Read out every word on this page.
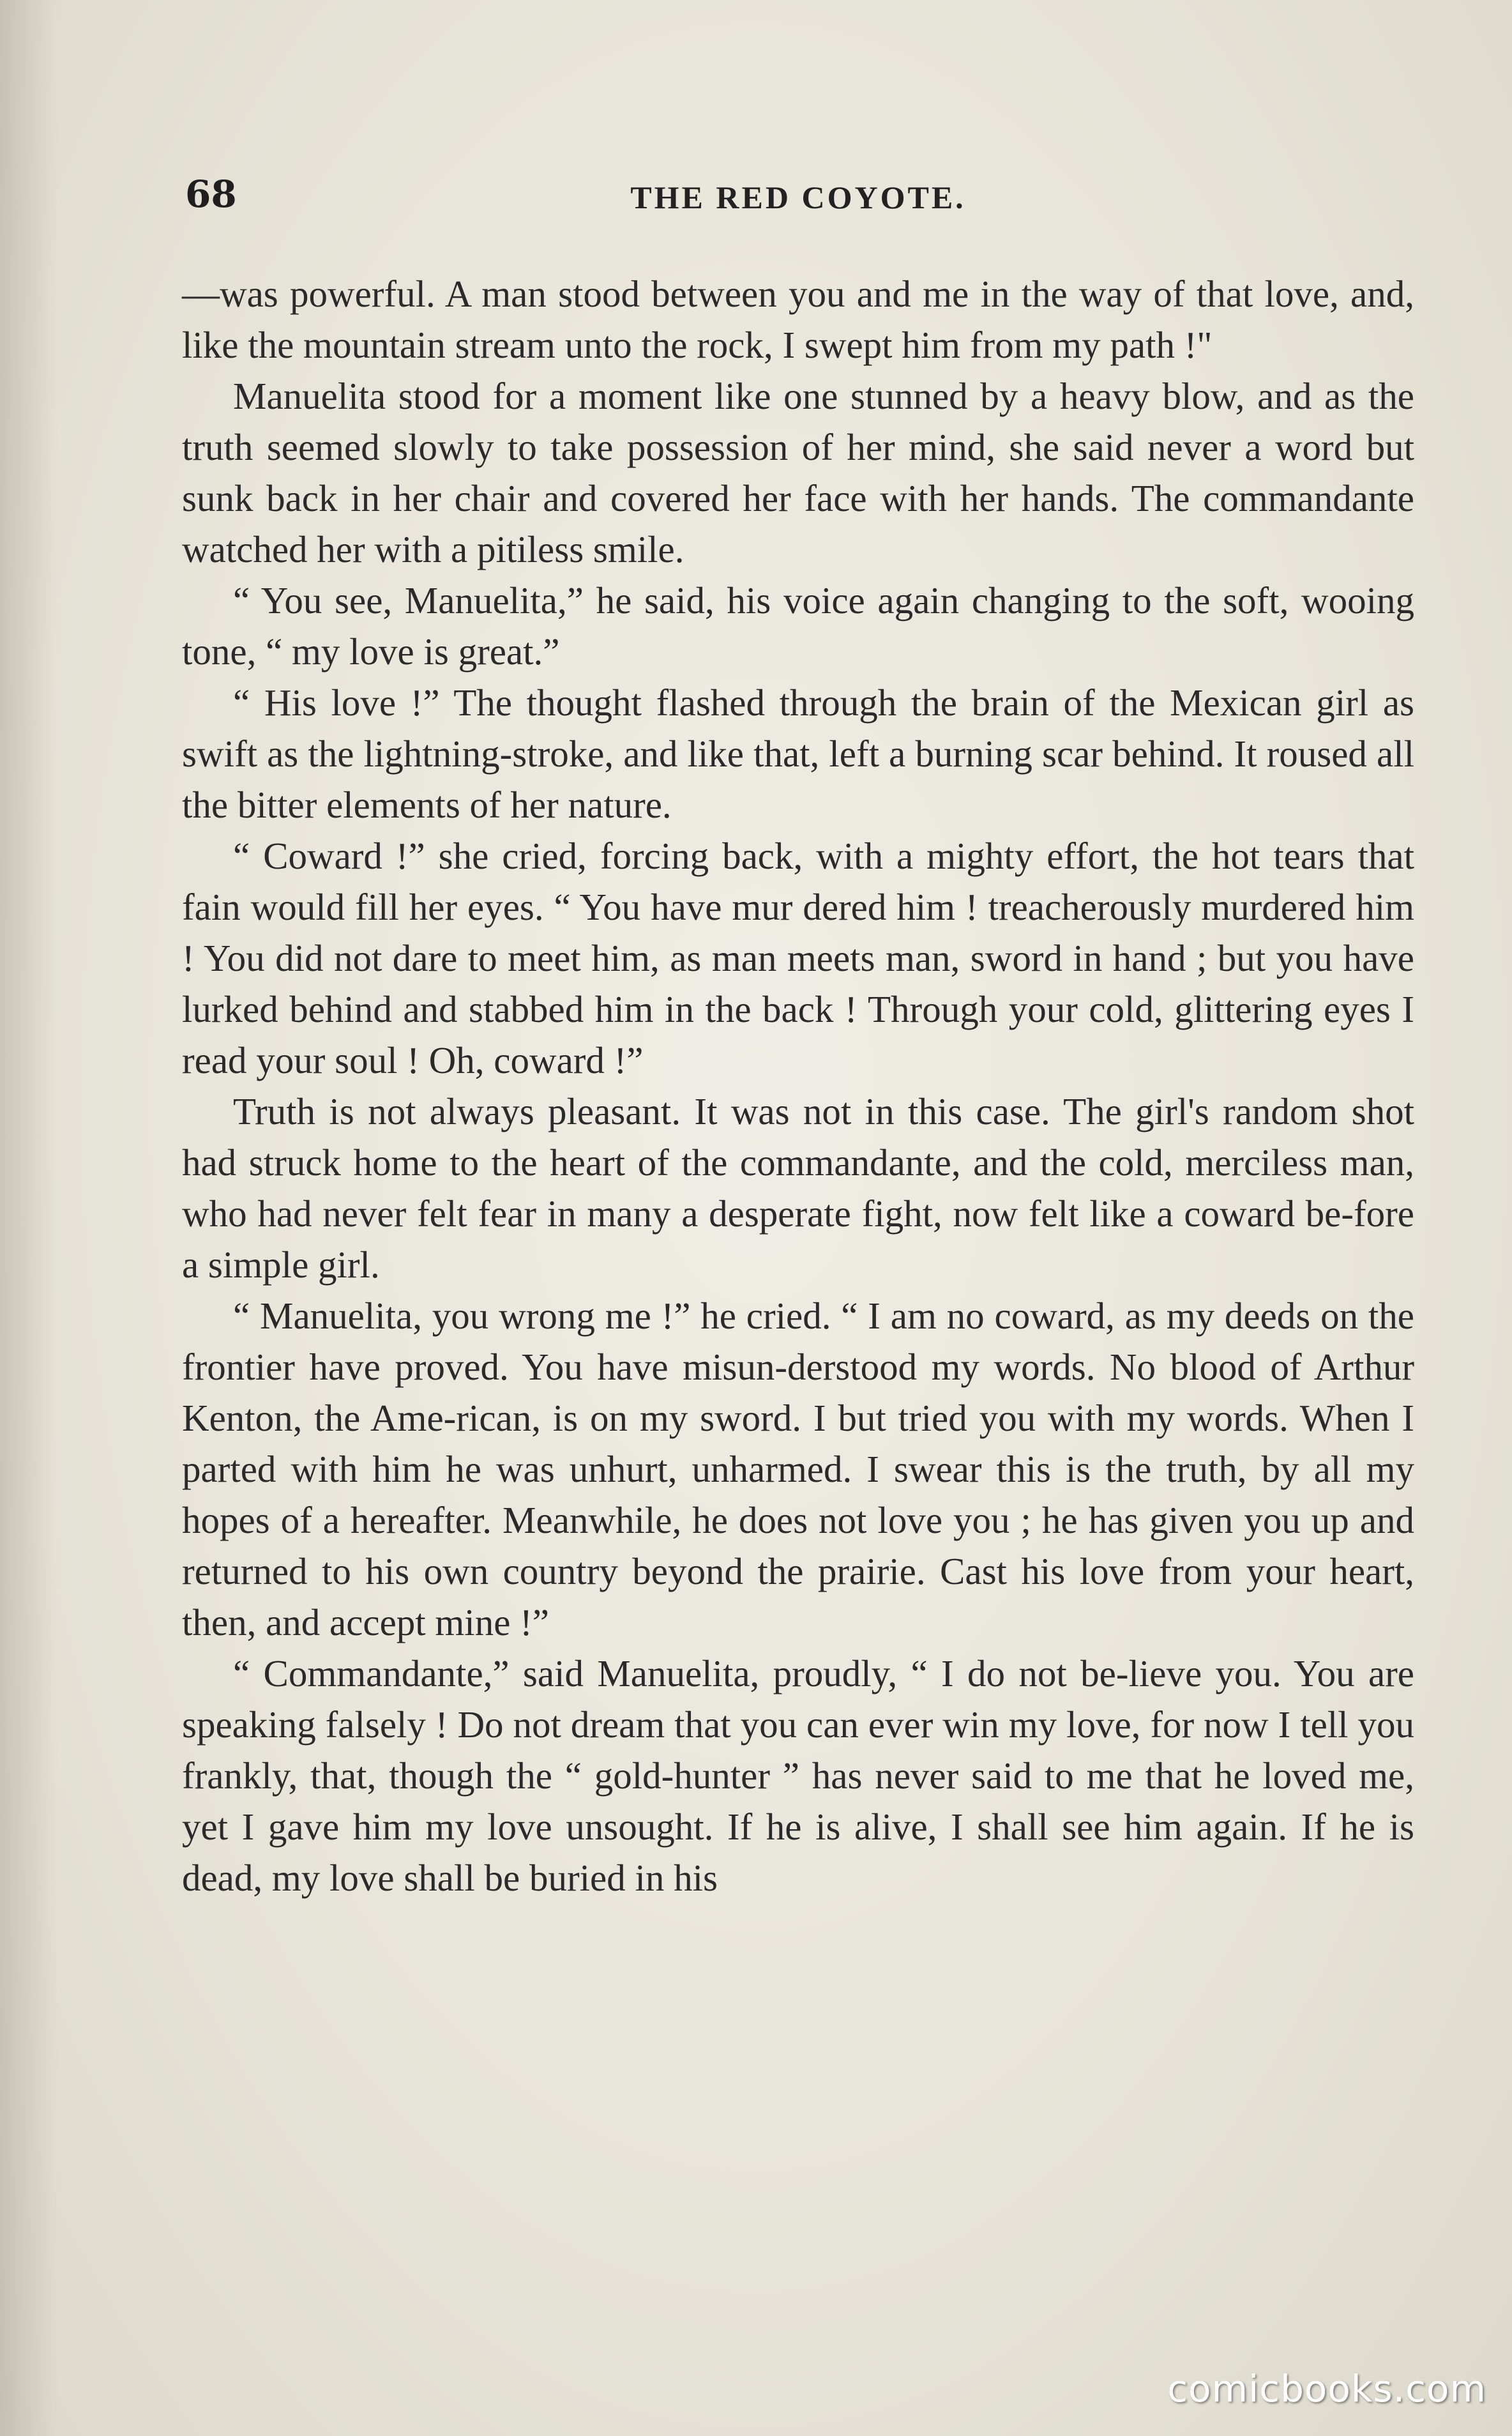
68	THE RED COYOTE.

—was powerful. A man stood between you and me in the way of that love, and, like the mountain stream unto the rock, I swept him from my path !"

Manuelita stood for a moment like one stunned by a heavy blow, and as the truth seemed slowly to take possession of her mind, she said never a word but sunk back in her chair and covered her face with her hands. The commandante watched her with a pitiless smile.

“ You see, Manuelita,” he said, his voice again changing to the soft, wooing tone, “ my love is great.”

“ His love !” The thought flashed through the brain of the Mexican girl as swift as the lightning-stroke, and like that, left a burning scar behind. It roused all the bitter elements of her nature.

“ Coward !” she cried, forcing back, with a mighty effort, the hot tears that fain would fill her eyes. “ You have mur dered him ! treacherously murdered him ! You did not dare to meet him, as man meets man, sword in hand ; but you have lurked behind and stabbed him in the back ! Through your cold, glittering eyes I read your soul ! Oh, coward !”

Truth is not always pleasant. It was not in this case. The girl's random shot had struck home to the heart of the commandante, and the cold, merciless man, who had never felt fear in many a desperate fight, now felt like a coward be-fore a simple girl.

“ Manuelita, you wrong me !” he cried. “ I am no coward, as my deeds on the frontier have proved. You have misun-derstood my words. No blood of Arthur Kenton, the Ame-rican, is on my sword. I but tried you with my words. When I parted with him he was unhurt, unharmed. I swear this is the truth, by all my hopes of a hereafter. Meanwhile, he does not love you ; he has given you up and returned to his own country beyond the prairie. Cast his love from your heart, then, and accept mine !”

“ Commandante,” said Manuelita, proudly, “ I do not be-lieve you. You are speaking falsely ! Do not dream that you can ever win my love, for now I tell you frankly, that, though the “ gold-hunter ” has never said to me that he loved me, yet I gave him my love unsought. If he is alive, I shall see him again. If he is dead, my love shall be buried in his

comicbooks.com
